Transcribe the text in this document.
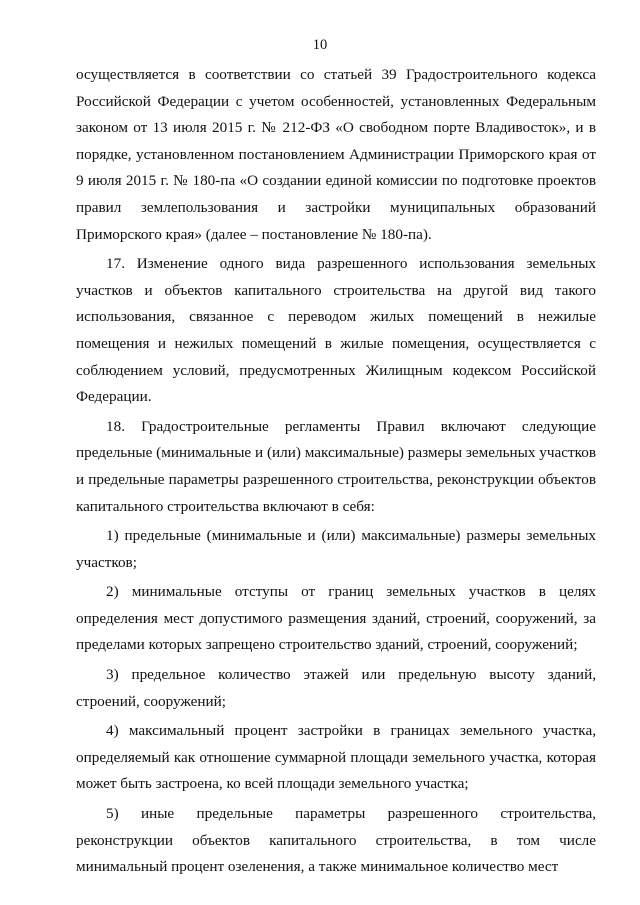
10

осуществляется в соответствии со статьей 39 Градостроительного кодекса Российской Федерации с учетом особенностей, установленных Федеральным законом от 13 июля 2015 г. № 212-ФЗ «О свободном порте Владивосток», и в порядке, установленном постановлением Администрации Приморского края от 9 июля 2015 г. № 180-па «О создании единой комиссии по подготовке проектов правил землепользования и застройки муниципальных образований Приморского края» (далее – постановление № 180-па).

17. Изменение одного вида разрешенного использования земельных участков и объектов капитального строительства на другой вид такого использования, связанное с переводом жилых помещений в нежилые помещения и нежилых помещений в жилые помещения, осуществляется с соблюдением условий, предусмотренных Жилищным кодексом Российской Федерации.

18. Градостроительные регламенты Правил включают следующие предельные (минимальные и (или) максимальные) размеры земельных участков и предельные параметры разрешенного строительства, реконструкции объектов капитального строительства включают в себя:

1) предельные (минимальные и (или) максимальные) размеры земельных участков;

2) минимальные отступы от границ земельных участков в целях определения мест допустимого размещения зданий, строений, сооружений, за пределами которых запрещено строительство зданий, строений, сооружений;

3) предельное количество этажей или предельную высоту зданий, строений, сооружений;

4) максимальный процент застройки в границах земельного участка, определяемый как отношение суммарной площади земельного участка, которая может быть застроена, ко всей площади земельного участка;

5) иные предельные параметры разрешенного строительства, реконструкции объектов капитального строительства, в том числе минимальный процент озеленения, а также минимальное количество мест
